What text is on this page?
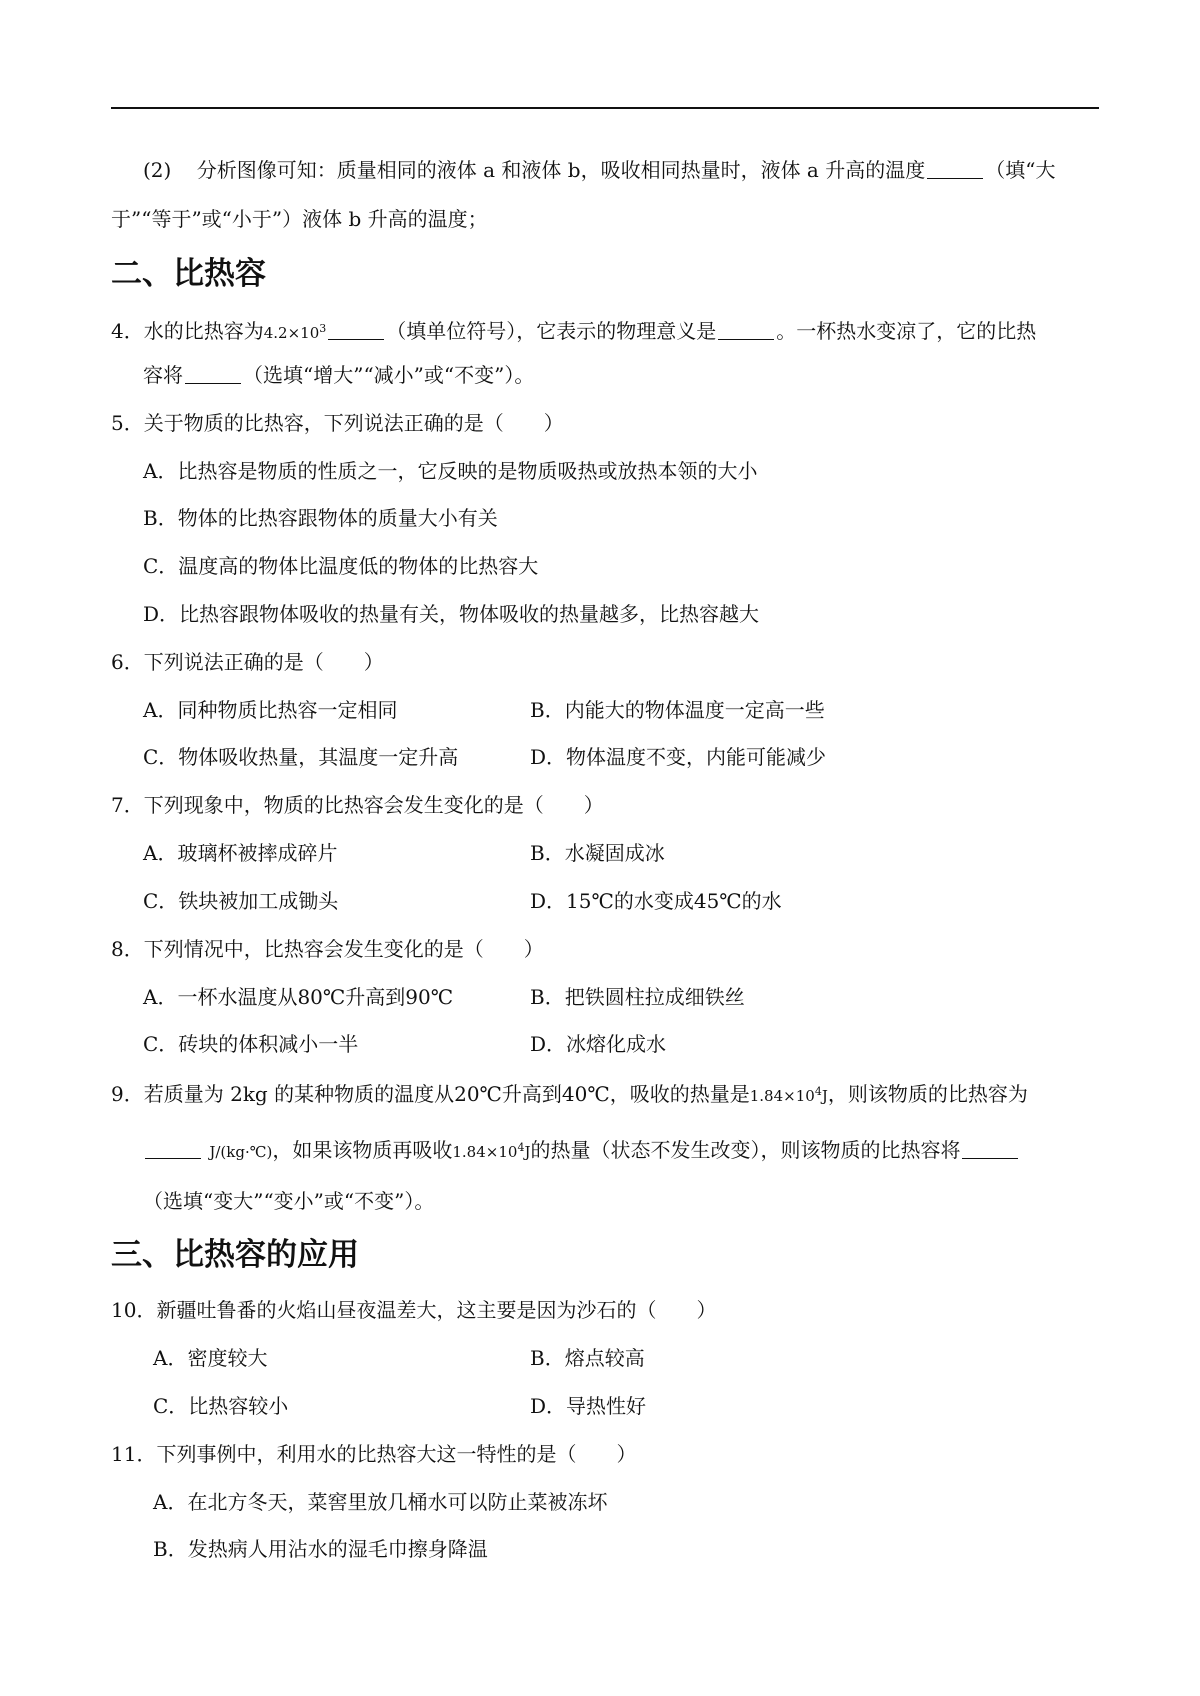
(2) 分析图像可知：质量相同的液体 a 和液体 b，吸收相同热量时，液体 a 升高的温度	（填“大
于”“等于”或“小于”）液体 b 升高的温度；
二、比热容
4．水的比热容为$4.2\times 10^3$	（填单位符号），它表示的物理意义是	。一杯热水变凉了，它的比热
容将	（选填“增大”“减小”或“不变”）。
5．关于物质的比热容，下列说法正确的是（　　）
A．比热容是物质的性质之一，它反映的是物质吸热或放热本领的大小
B．物体的比热容跟物体的质量大小有关
C．温度高的物体比温度低的物体的比热容大
D．比热容跟物体吸收的热量有关，物体吸收的热量越多，比热容越大
6．下列说法正确的是（　　）
A．同种物质比热容一定相同	B．内能大的物体温度一定高一些
C．物体吸收热量，其温度一定升高	D．物体温度不变，内能可能减少
7．下列现象中，物质的比热容会发生变化的是（　　）
A．玻璃杯被摔成碎片	B．水凝固成冰
C．铁块被加工成锄头	D．15℃的水变成45℃的水
8．下列情况中，比热容会发生变化的是（　　）
A．一杯水温度从80℃升高到90℃	B．把铁圆柱拉成细铁丝
C．砖块的体积减小一半	D．冰熔化成水
9．若质量为 2kg 的某种物质的温度从20℃升高到40℃，吸收的热量是$1.84\times 10^4J$，则该物质的比热容为
J/(kg·℃)，如果该物质再吸收$1.84\times 10^4J$的热量（状态不发生改变），则该物质的比热容将
（选填“变大”“变小”或“不变”）。
三、比热容的应用
10．新疆吐鲁番的火焰山昼夜温差大，这主要是因为沙石的（　　）
A．密度较大	B．熔点较高
C．比热容较小	D．导热性好
11．下列事例中，利用水的比热容大这一特性的是（　　）
A．在北方冬天，菜窖里放几桶水可以防止菜被冻坏
B．发热病人用沾水的湿毛巾擦身降温
